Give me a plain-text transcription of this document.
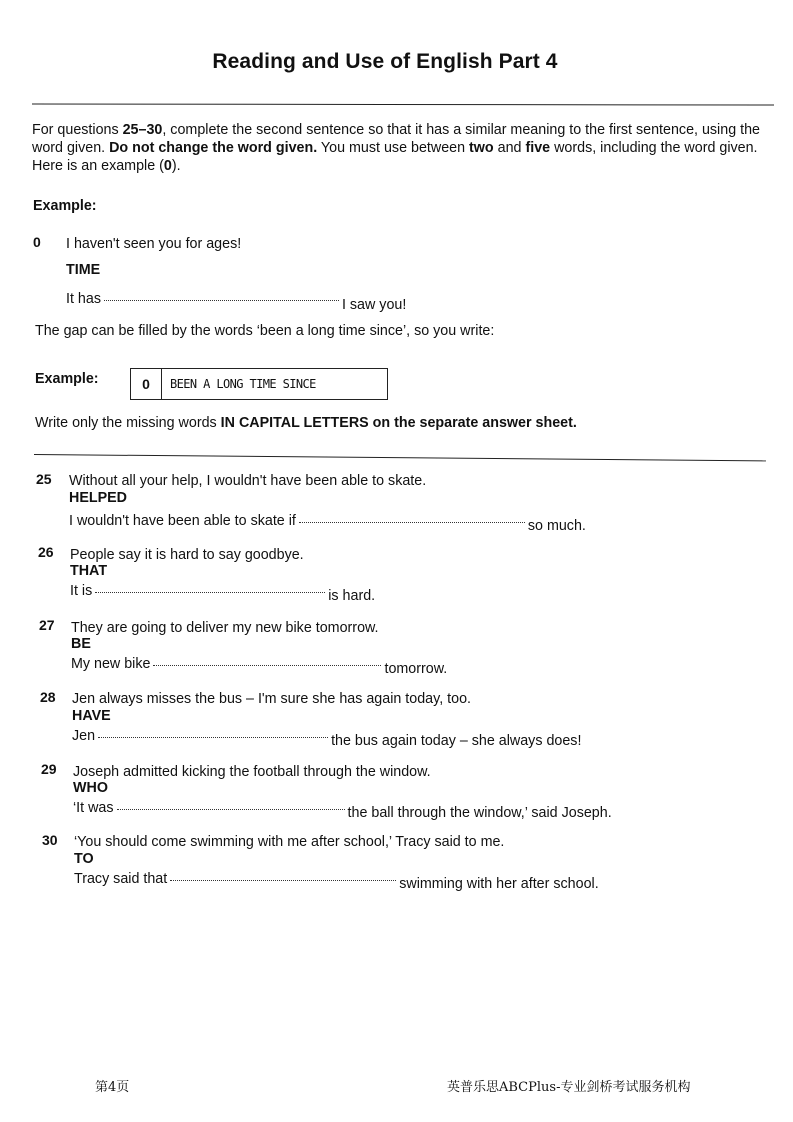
Reading and Use of English Part 4
For questions 25–30, complete the second sentence so that it has a similar meaning to the first sentence, using the word given. Do not change the word given. You must use between two and five words, including the word given. Here is an example (0).
Example:
0 I haven't seen you for ages!
TIME
It has	I saw you!
The gap can be filled by the words ‘been a long time since’, so you write:
Example:	0	BEEN A LONG TIME SINCE
Write only the missing words IN CAPITAL LETTERS on the separate answer sheet.
25 Without all your help, I wouldn't have been able to skate.
HELPED
I wouldn't have been able to skate if	so much.
26 People say it is hard to say goodbye.
THAT
It is	is hard.
27 They are going to deliver my new bike tomorrow.
BE
My new bike	tomorrow.
28 Jen always misses the bus – I'm sure she has again today, too.
HAVE
Jen	the bus again today – she always does!
29 Joseph admitted kicking the football through the window.
WHO
‘It was	the ball through the window,’ said Joseph.
30 ‘You should come swimming with me after school,’ Tracy said to me.
TO
Tracy said that	swimming with her after school.
第4页	英普乐思ABCPlus-专业剑桥考试服务机构
